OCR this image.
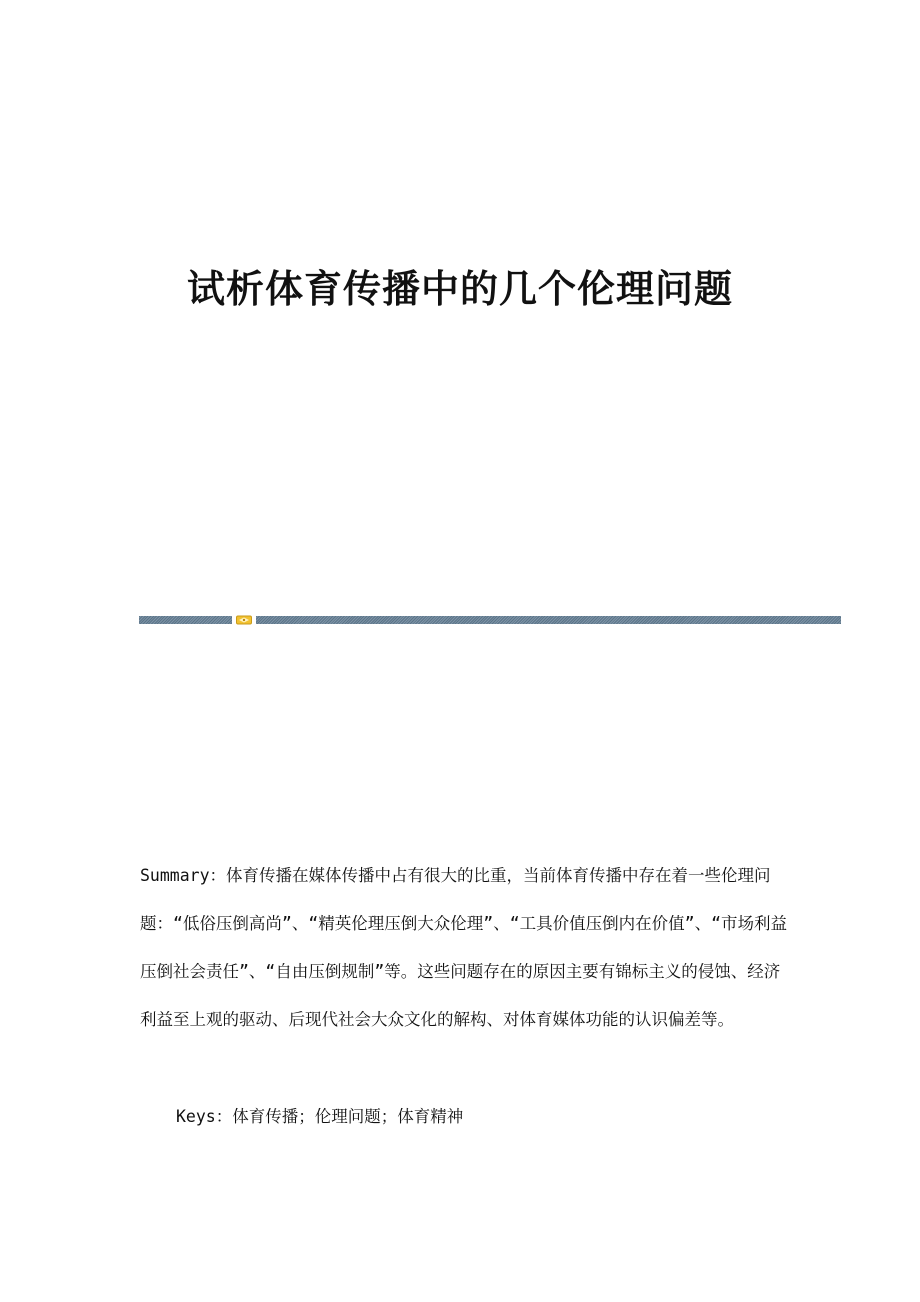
试析体育传播中的几个伦理问题

Summary：体育传播在媒体传播中占有很大的比重，当前体育传播中存在着一些伦理问题：“低俗压倒高尚”、“精英伦理压倒大众伦理”、“工具价值压倒内在价值”、“市场利益压倒社会责任”、“自由压倒规制”等。这些问题存在的原因主要有锦标主义的侵蚀、经济利益至上观的驱动、后现代社会大众文化的解构、对体育媒体功能的认识偏差等。

Keys：体育传播；伦理问题；体育精神
